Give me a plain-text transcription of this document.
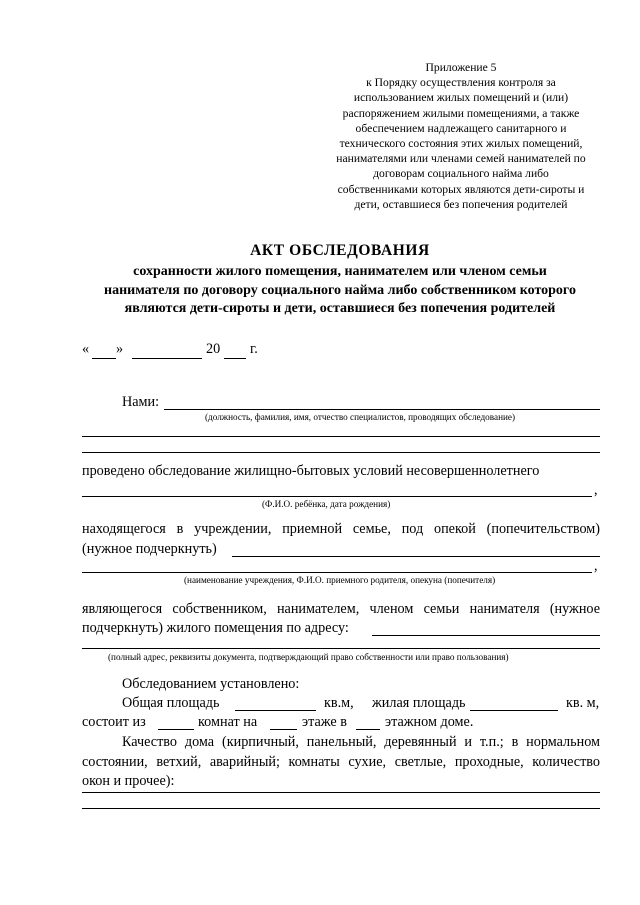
Приложение 5
к Порядку осуществления контроля за
использованием жилых помещений и (или)
распоряжением жилыми помещениями, а также
обеспечением надлежащего санитарного и
технического состояния этих жилых помещений,
нанимателями или членами семей нанимателей по
договорам социального найма либо
собственниками которых являются дети-сироты и
дети, оставшиеся без попечения родителей
АКТ ОБСЛЕДОВАНИЯ
сохранности жилого помещения, нанимателем или членом семьи
нанимателя по договору социального найма либо собственником которого
являются дети-сироты и дети, оставшиеся без попечения родителей
« »	20 г.
Нами:
(должность, фамилия, имя, отчество специалистов, проводящих обследование)
проведено обследование жилищно-бытовых условий несовершеннолетнего
,
(Ф.И.О. ребёнка, дата рождения)
находящегося в учреждении, приемной семье, под опекой (попечительством)
(нужное подчеркнуть)
,
(наименование учреждения, Ф.И.О. приемного родителя, опекуна (попечителя)
являющегося собственником, нанимателем, членом семьи нанимателя (нужное
подчеркнуть) жилого помещения по адресу:
(полный адрес, реквизиты документа, подтверждающий право собственности или право пользования)
Обследованием установлено:
Общая площадь	кв.м, жилая площадь	кв. м,
состоит из	комнат на	этаже в	этажном доме.
Качество дома (кирпичный, панельный, деревянный и т.п.; в нормальном
состоянии, ветхий, аварийный; комнаты сухие, светлые, проходные, количество
окон и прочее):
